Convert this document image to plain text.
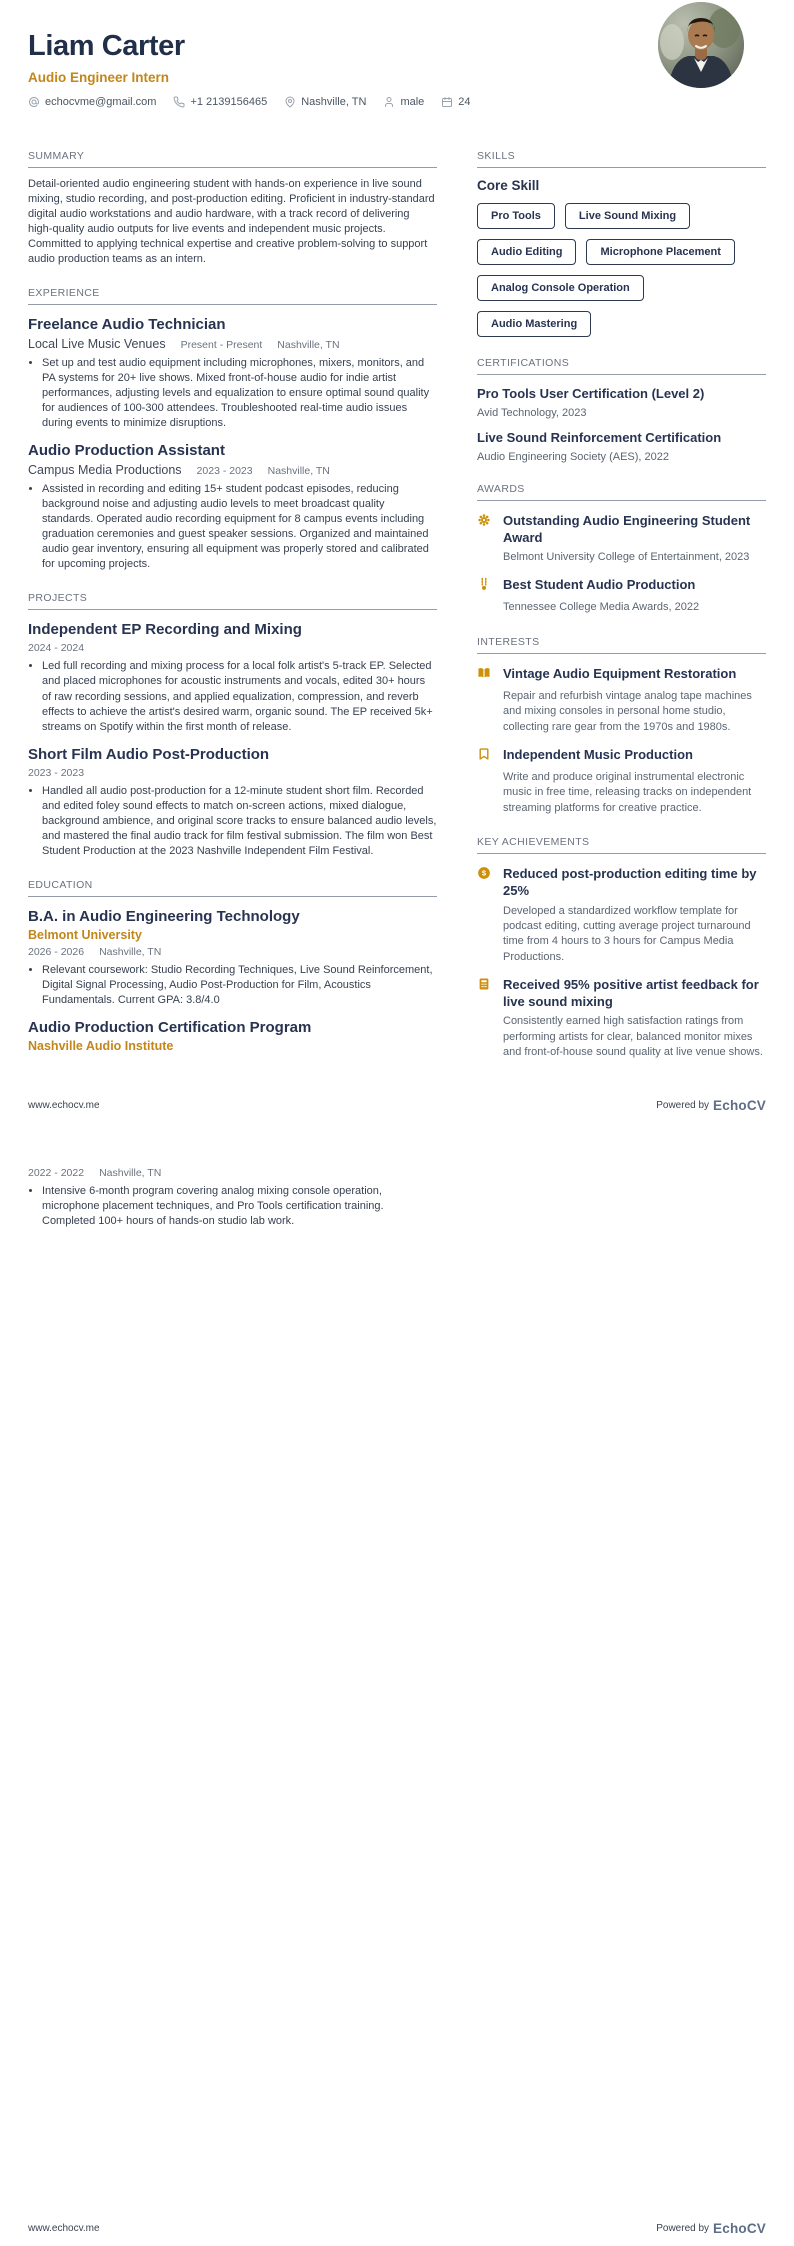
Liam Carter
Audio Engineer Intern
echocvme@gmail.com	+1 2139156465	Nashville, TN	male	24
SUMMARY

Detail-oriented audio engineering student with hands-on experience in live sound mixing, studio recording, and post-production editing. Proficient in industry-standard digital audio workstations and audio hardware, with a track record of delivering high-quality audio outputs for live events and independent music projects. Committed to applying technical expertise and creative problem-solving to support audio production teams as an intern.

EXPERIENCE
Freelance Audio Technician
Local Live Music Venues Present - Present Nashville, TN
• Set up and test audio equipment including microphones, mixers, monitors, and PA systems for 20+ live shows. Mixed front-of-house audio for indie artist performances, adjusting levels and equalization to ensure optimal sound quality for audiences of 100-300 attendees. Troubleshooted real-time audio issues during events to minimize disruptions.
Audio Production Assistant
Campus Media Productions 2023 - 2023 Nashville, TN
• Assisted in recording and editing 15+ student podcast episodes, reducing background noise and adjusting audio levels to meet broadcast quality standards. Operated audio recording equipment for 8 campus events including graduation ceremonies and guest speaker sessions. Organized and maintained audio gear inventory, ensuring all equipment was properly stored and calibrated for upcoming projects.
PROJECTS
Independent EP Recording and Mixing
2024 - 2024
• Led full recording and mixing process for a local folk artist's 5-track EP. Selected and placed microphones for acoustic instruments and vocals, edited 30+ hours of raw recording sessions, and applied equalization, compression, and reverb effects to achieve the artist's desired warm, organic sound. The EP received 5k+ streams on Spotify within the first month of release.
Short Film Audio Post-Production
2023 - 2023
• Handled all audio post-production for a 12-minute student short film. Recorded and edited foley sound effects to match on-screen actions, mixed dialogue, background ambience, and original score tracks to ensure balanced audio levels, and mastered the final audio track for film festival submission. The film won Best Student Production at the 2023 Nashville Independent Film Festival.
EDUCATION
B.A. in Audio Engineering Technology
Belmont University
2026 - 2026 Nashville, TN
• Relevant coursework: Studio Recording Techniques, Live Sound Reinforcement, Digital Signal Processing, Audio Post-Production for Film, Acoustics Fundamentals. Current GPA: 3.8/4.0
Audio Production Certification Program
Nashville Audio Institute
SKILLS
Core Skill
Pro Tools	Live Sound Mixing
Audio Editing	Microphone Placement
Analog Console Operation
Audio Mastering
CERTIFICATIONS
Pro Tools User Certification (Level 2)
Avid Technology, 2023
Live Sound Reinforcement Certification
Audio Engineering Society (AES), 2022
AWARDS
Outstanding Audio Engineering Student Award
Belmont University College of Entertainment, 2023
Best Student Audio Production
Tennessee College Media Awards, 2022
INTERESTS
Vintage Audio Equipment Restoration
Repair and refurbish vintage analog tape machines and mixing consoles in personal home studio, collecting rare gear from the 1970s and 1980s.
Independent Music Production
Write and produce original instrumental electronic music in free time, releasing tracks on independent streaming platforms for creative practice.
KEY ACHIEVEMENTS
$ Reduced post-production editing time by 25%
Developed a standardized workflow template for podcast editing, cutting average project turnaround time from 4 hours to 3 hours for Campus Media Productions.
Received 95% positive artist feedback for live sound mixing
Consistently earned high satisfaction ratings from performing artists for clear, balanced monitor mixes and front-of-house sound quality at live venue shows.
www.echocv.me	Powered by EchoCV
2022 - 2022 Nashville, TN
• Intensive 6-month program covering analog mixing console operation, microphone placement techniques, and Pro Tools certification training. Completed 100+ hours of hands-on studio lab work.
www.echocv.me	Powered by EchoCV
